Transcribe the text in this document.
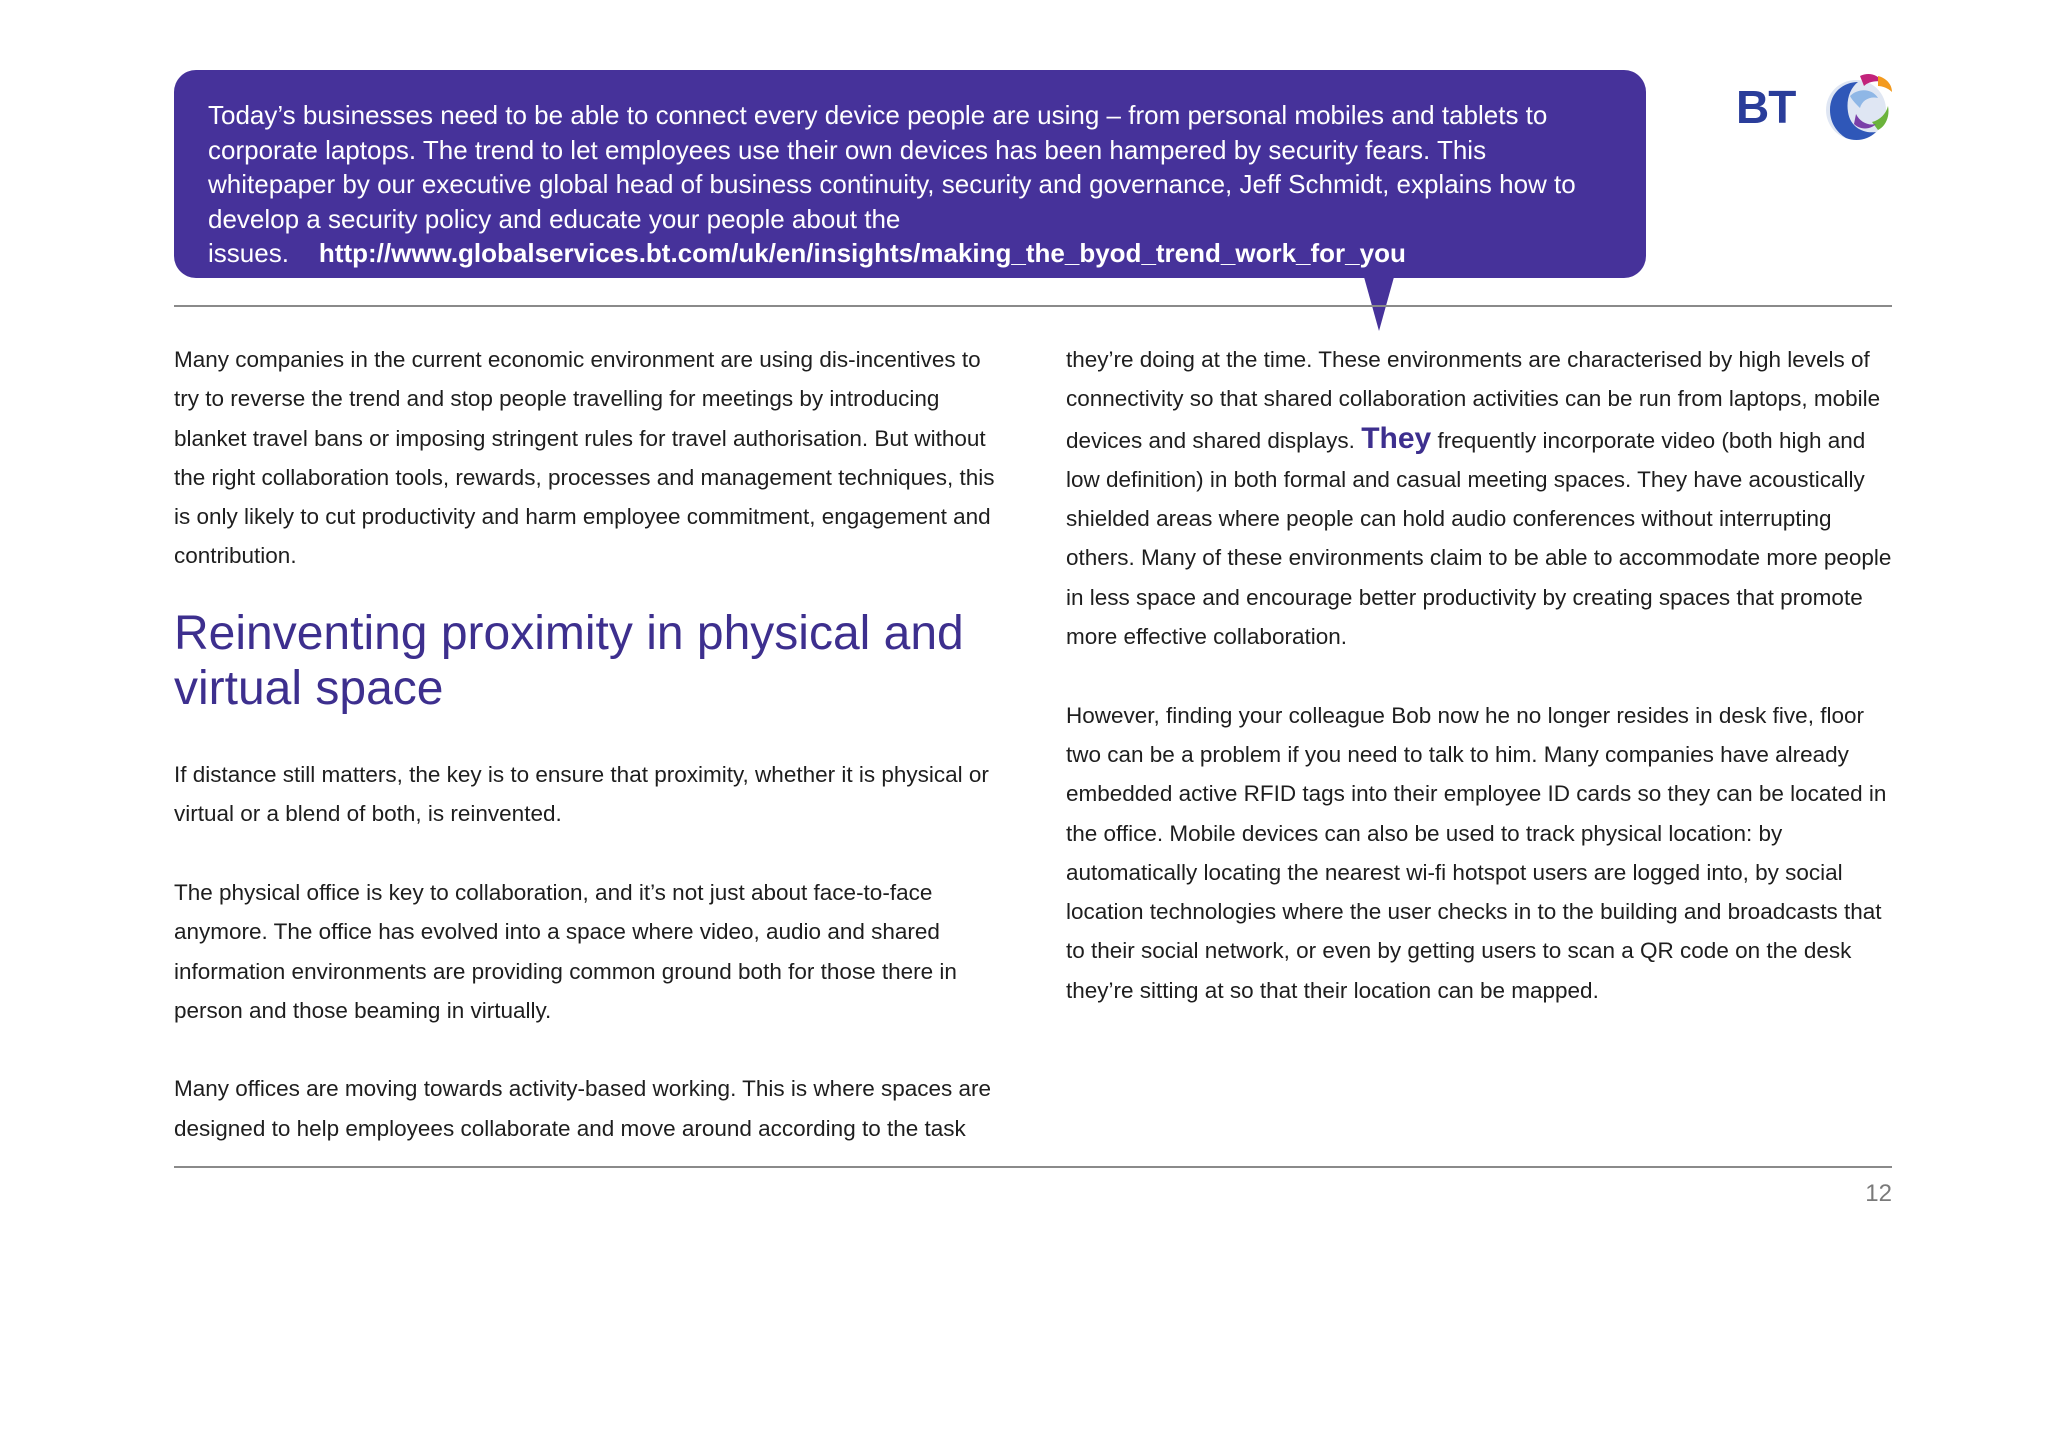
Today’s businesses need to be able to connect every device people are using – from personal mobiles and tablets to corporate laptops. The trend to let employees use their own devices has been hampered by security fears. This whitepaper by our executive global head of business continuity, security and governance, Jeff Schmidt, explains how to develop a security policy and educate your people about the issues. http://www.globalservices.bt.com/uk/en/insights/making_the_byod_trend_work_for_you

BT

Many companies in the current economic environment are using dis-incentives to try to reverse the trend and stop people travelling for meetings by introducing blanket travel bans or imposing stringent rules for travel authorisation. But without the right collaboration tools, rewards, processes and management techniques, this is only likely to cut productivity and harm employee commitment, engagement and contribution.

Reinventing proximity in physical and virtual space

If distance still matters, the key is to ensure that proximity, whether it is physical or virtual or a blend of both, is reinvented.

The physical office is key to collaboration, and it’s not just about face-to-face anymore. The office has evolved into a space where video, audio and shared information environments are providing common ground both for those there in person and those beaming in virtually.

Many offices are moving towards activity-based working. This is where spaces are designed to help employees collaborate and move around according to the task

they’re doing at the time. These environments are characterised by high levels of connectivity so that shared collaboration activities can be run from laptops, mobile devices and shared displays. They frequently incorporate video (both high and low definition) in both formal and casual meeting spaces. They have acoustically shielded areas where people can hold audio conferences without interrupting others. Many of these environments claim to be able to accommodate more people in less space and encourage better productivity by creating spaces that promote more effective collaboration.

However, finding your colleague Bob now he no longer resides in desk five, floor two can be a problem if you need to talk to him. Many companies have already embedded active RFID tags into their employee ID cards so they can be located in the office. Mobile devices can also be used to track physical location: by automatically locating the nearest wi-fi hotspot users are logged into, by social location technologies where the user checks in to the building and broadcasts that to their social network, or even by getting users to scan a QR code on the desk they’re sitting at so that their location can be mapped.

12
